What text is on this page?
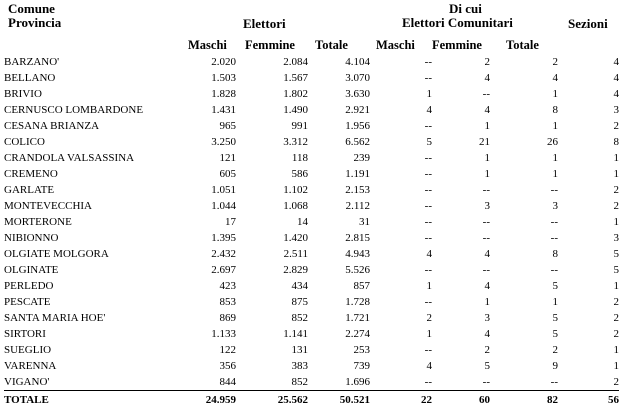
Comune
Provincia	Elettori
Di cui
Elettori Comunitari	Sezioni
Maschi Femmine Totale Maschi Femmine Totale
BARZANO'	2.020	2.084	4.104	--	2	2	4
BELLANO	1.503	1.567	3.070	--	4	4	4
BRIVIO	1.828	1.802	3.630	1	--	1	4
CERNUSCO LOMBARDONE	1.431	1.490	2.921	4	4	8	3
CESANA BRIANZA	965	991	1.956	--	1	1	2
COLICO	3.250	3.312	6.562	5	21	26	8
CRANDOLA VALSASSINA	121	118	239	--	1	1	1
CREMENO	605	586	1.191	--	1	1	1
GARLATE	1.051	1.102	2.153	--	--	--	2
MONTEVECCHIA	1.044	1.068	2.112	--	3	3	2
MORTERONE	17	14	31	--	--	--	1
NIBIONNO	1.395	1.420	2.815	--	--	--	3
OLGIATE MOLGORA	2.432	2.511	4.943	4	4	8	5
OLGINATE	2.697	2.829	5.526	--	--	--	5
PERLEDO	423	434	857	1	4	5	1
PESCATE	853	875	1.728	--	1	1	2
SANTA MARIA HOE'	869	852	1.721	2	3	5	2
SIRTORI	1.133	1.141	2.274	1	4	5	2
SUEGLIO	122	131	253	--	2	2	1
VARENNA	356	383	739	4	5	9	1
VIGANO'	844	852	1.696	--	--	--	2
TOTALE	24.959	25.562	50.521	22	60	82	56
